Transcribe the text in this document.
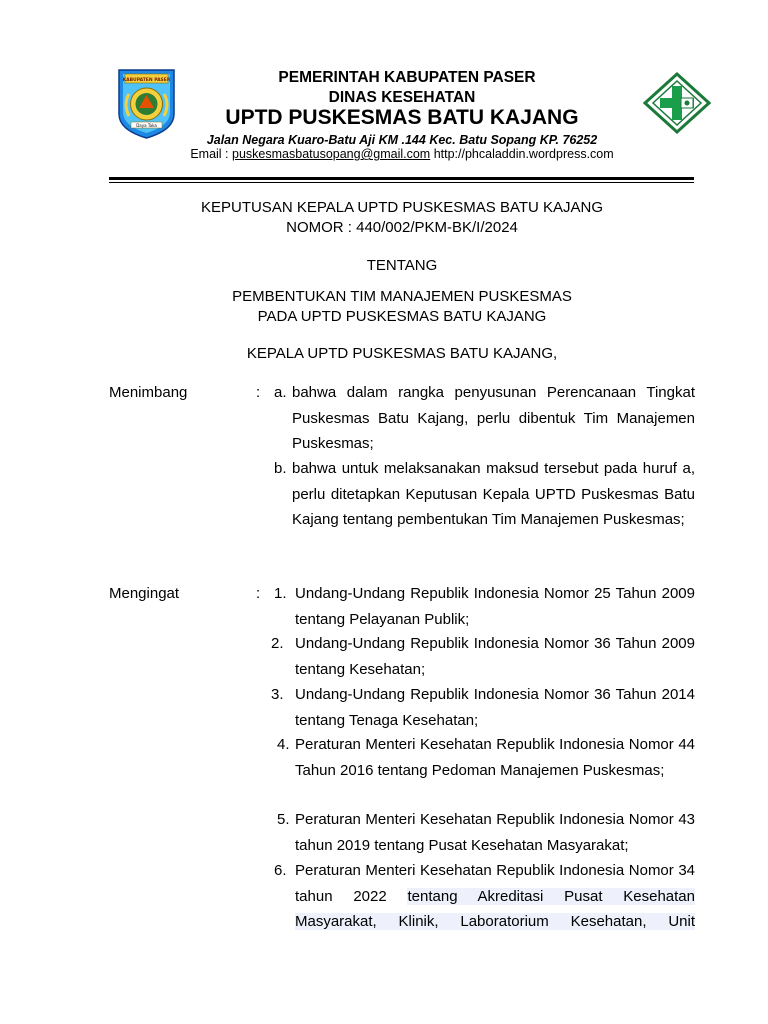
KABUPATEN PASER
Daya Taka
PEMERINTAH KABUPATEN PASER
DINAS KESEHATAN
UPTD PUSKESMAS BATU KAJANG
Jalan Negara Kuaro-Batu Aji KM .144 Kec. Batu Sopang KP. 76252
Email : puskesmasbatusopang@gmail.com http://phcaladdin.wordpress.com
KEPUTUSAN KEPALA UPTD PUSKESMAS BATU KAJANG
NOMOR : 440/002/PKM-BK/I/2024
TENTANG
PEMBENTUKAN TIM MANAJEMEN PUSKESMAS
PADA UPTD PUSKESMAS BATU KAJANG
KEPALA UPTD PUSKESMAS BATU KAJANG,
Menimbang	: a. bahwa dalam rangka penyusunan Perencanaan Tingkat Puskesmas Batu Kajang, perlu dibentuk Tim Manajemen Puskesmas;
b. bahwa untuk melaksanakan maksud tersebut pada huruf a, perlu ditetapkan Keputusan Kepala UPTD Puskesmas Batu Kajang tentang pembentukan Tim Manajemen Puskesmas;
Mengingat	: 1. Undang-Undang Republik Indonesia Nomor 25 Tahun 2009 tentang Pelayanan Publik;
2. Undang-Undang Republik Indonesia Nomor 36 Tahun 2009 tentang Kesehatan;
3. Undang-Undang Republik Indonesia Nomor 36 Tahun 2014 tentang Tenaga Kesehatan;
4. Peraturan Menteri Kesehatan Republik Indonesia Nomor 44 Tahun 2016 tentang Pedoman Manajemen Puskesmas;
5. Peraturan Menteri Kesehatan Republik Indonesia Nomor 43 tahun 2019 tentang Pusat Kesehatan Masyarakat;
6. Peraturan Menteri Kesehatan Republik Indonesia Nomor 34 tahun 2022 tentang Akreditasi Pusat Kesehatan Masyarakat, Klinik, Laboratorium Kesehatan, Unit
